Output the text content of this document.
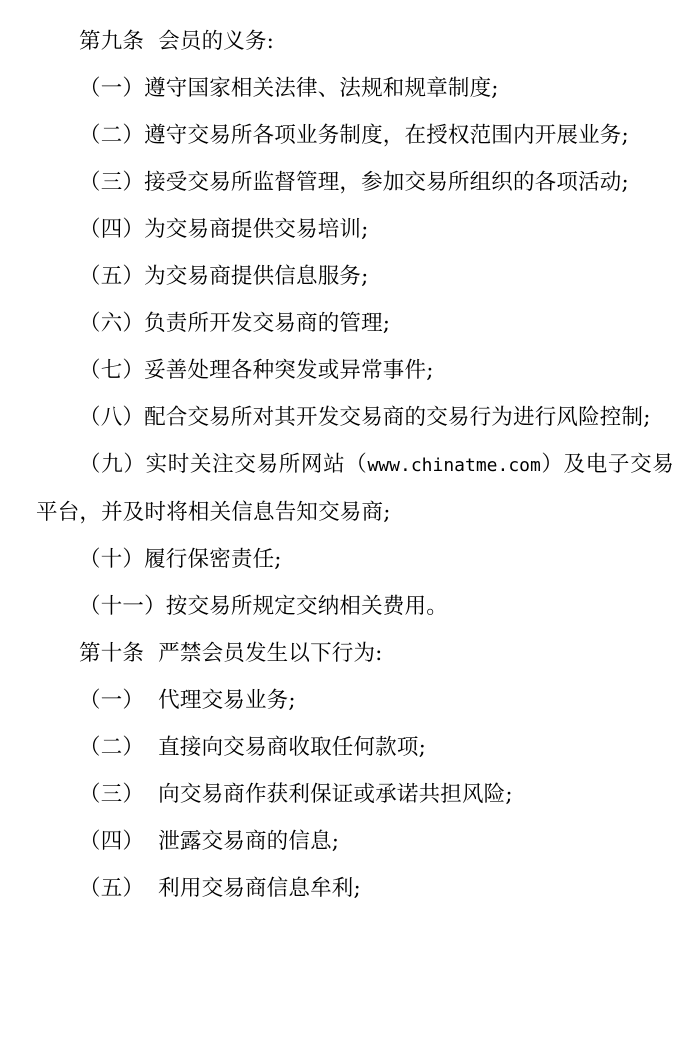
第九条  会员的义务:

（一）遵守国家相关法律、法规和规章制度;

（二）遵守交易所各项业务制度，在授权范围内开展业务;

（三）接受交易所监督管理，参加交易所组织的各项活动;

（四）为交易商提供交易培训;

（五）为交易商提供信息服务;

（六）负责所开发交易商的管理;

（七）妥善处理各种突发或异常事件;

（八）配合交易所对其开发交易商的交易行为进行风险控制;

（九）实时关注交易所网站（www.chinatme.com）及电子交易平台，并及时将相关信息告知交易商;

（十）履行保密责任;

（十一）按交易所规定交纳相关费用。

第十条  严禁会员发生以下行为:

（一）  代理交易业务;

（二）  直接向交易商收取任何款项;

（三）  向交易商作获利保证或承诺共担风险;

（四）  泄露交易商的信息;

（五）  利用交易商信息牟利;
